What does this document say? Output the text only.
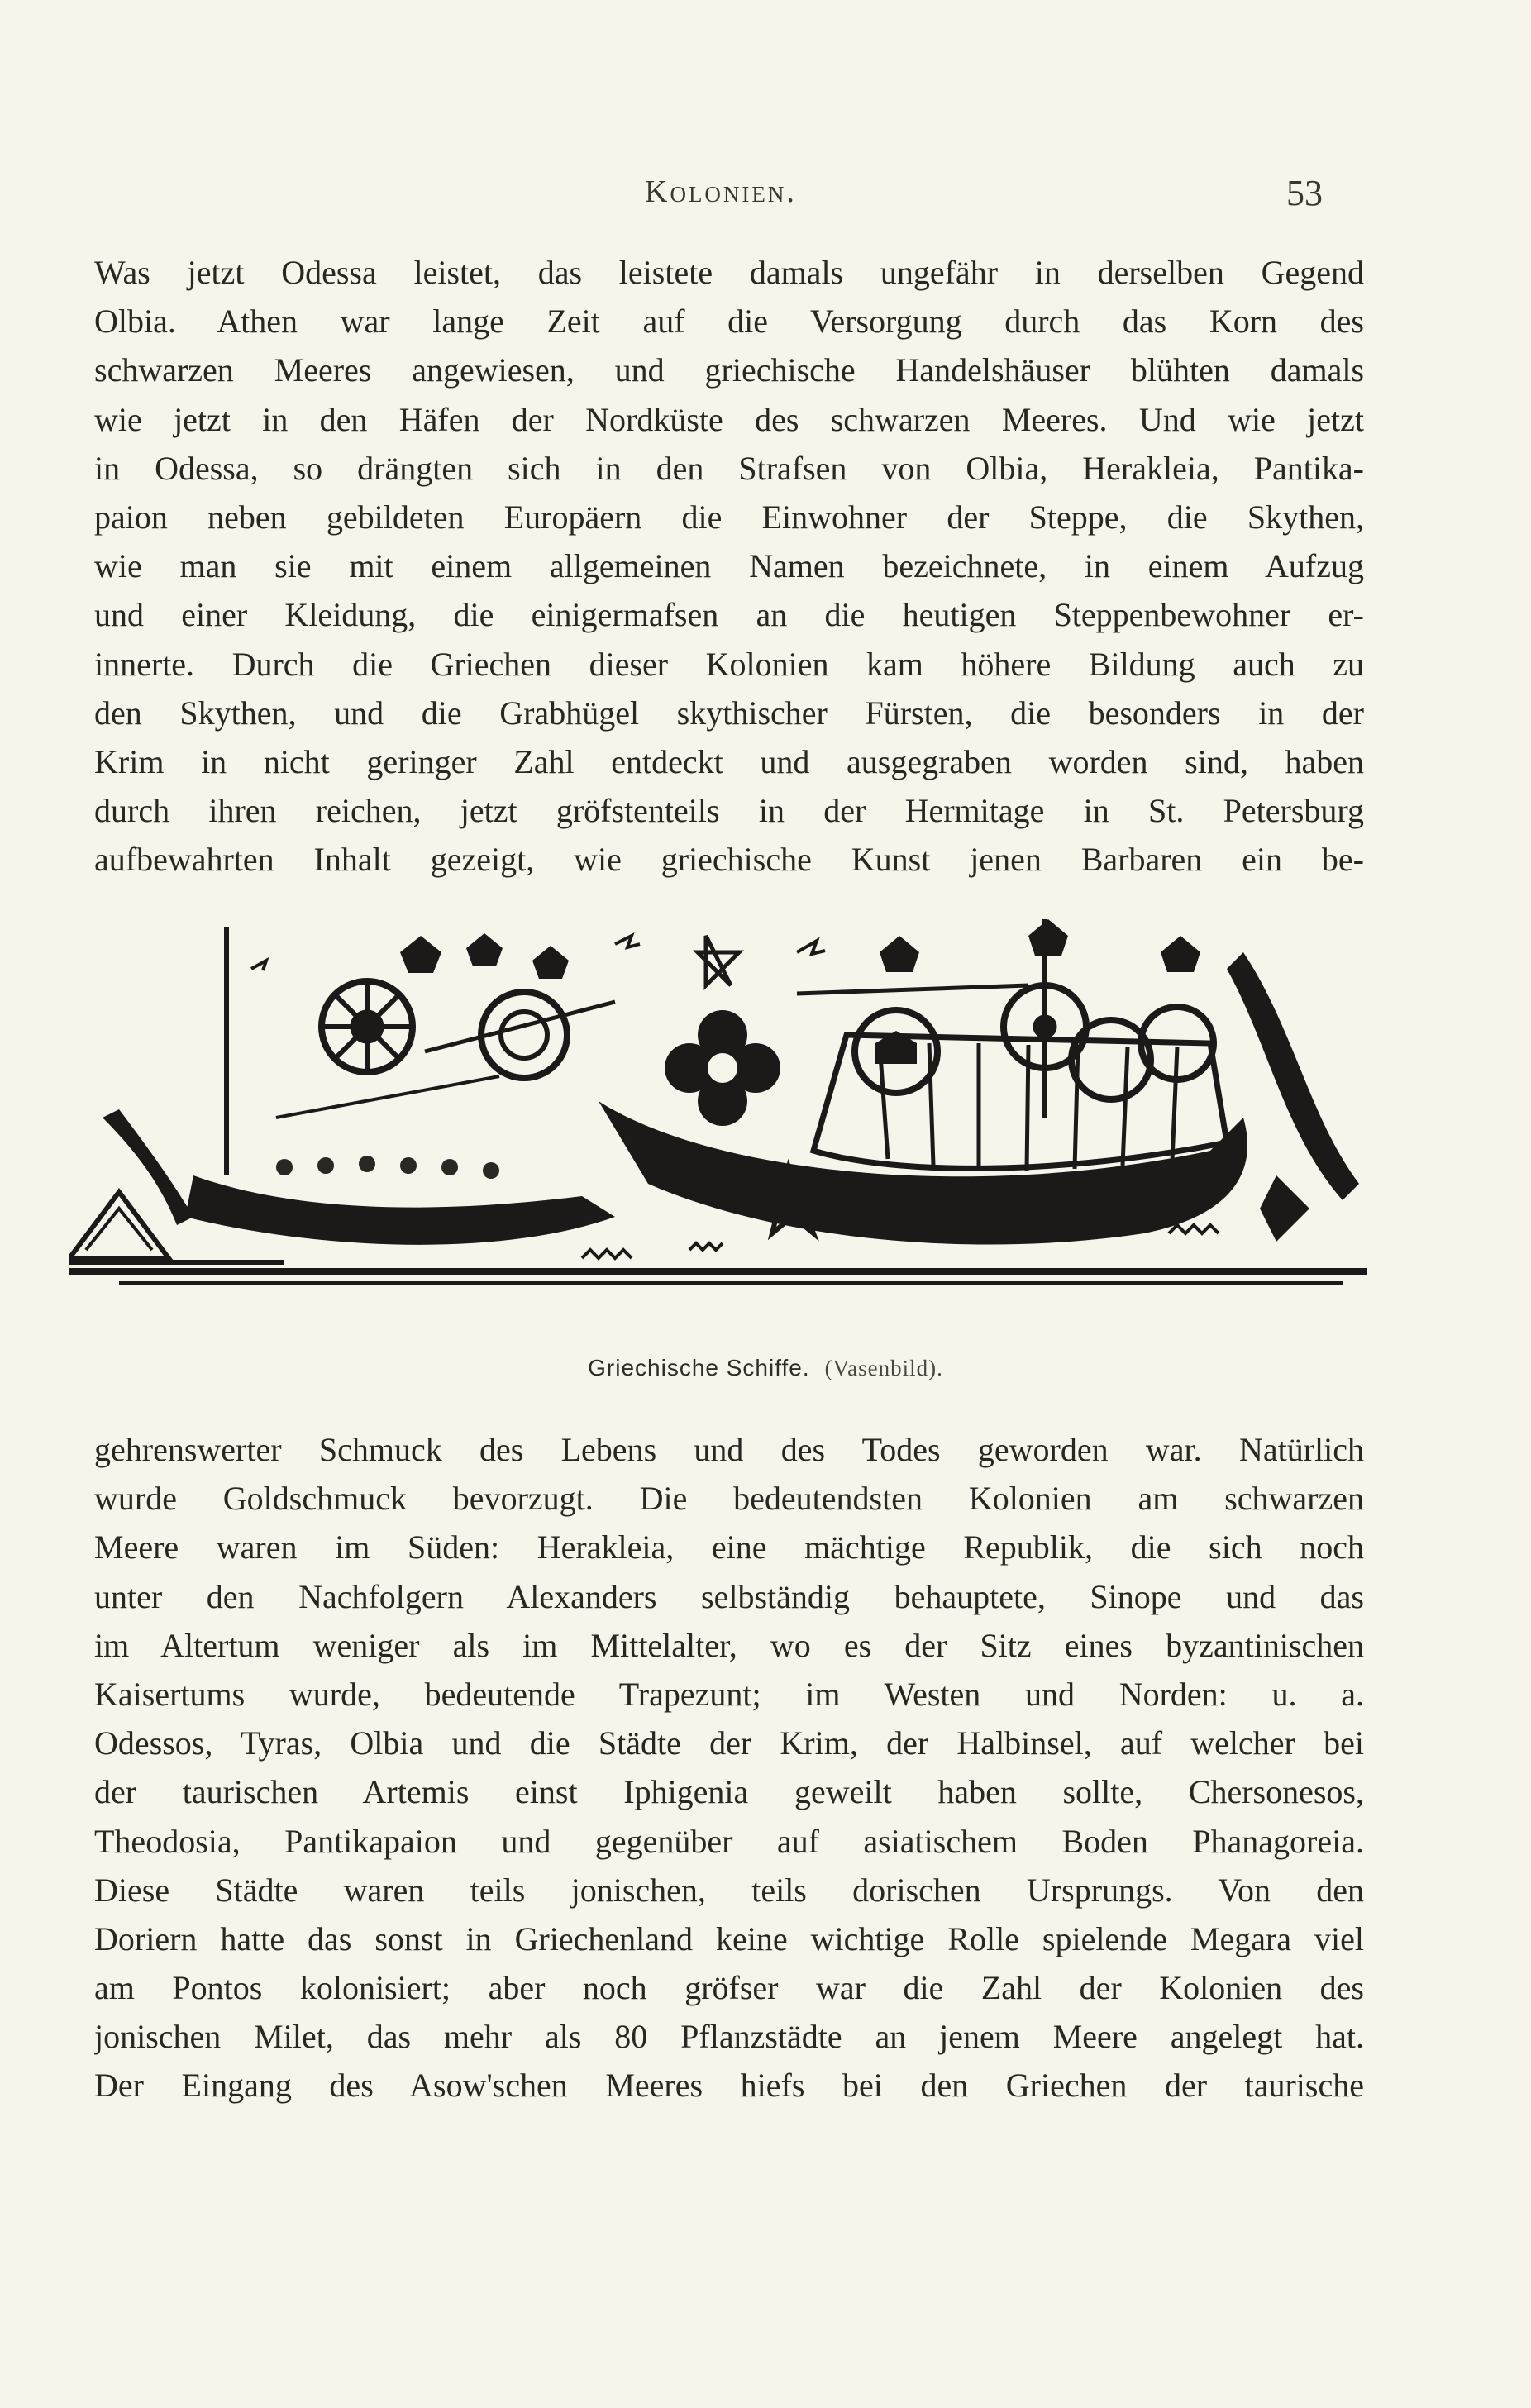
Kolonien.	53
Was jetzt Odessa leistet, das leistete damals ungefähr in derselben Gegend
Olbia. Athen war lange Zeit auf die Versorgung durch das Korn des
schwarzen Meeres angewiesen, und griechische Handelshäuser blühten damals
wie jetzt in den Häfen der Nordküste des schwarzen Meeres. Und wie jetzt
in Odessa, so drängten sich in den Strafsen von Olbia, Herakleia, Pantika-
paion neben gebildeten Europäern die Einwohner der Steppe, die Skythen,
wie man sie mit einem allgemeinen Namen bezeichnete, in einem Aufzug
und einer Kleidung, die einigermafsen an die heutigen Steppenbewohner er-
innerte. Durch die Griechen dieser Kolonien kam höhere Bildung auch zu
den Skythen, und die Grabhügel skythischer Fürsten, die besonders in der
Krim in nicht geringer Zahl entdeckt und ausgegraben worden sind, haben
durch ihren reichen, jetzt gröfstenteils in der Hermitage in St. Petersburg
aufbewahrten Inhalt gezeigt, wie griechische Kunst jenen Barbaren ein be-
Griechische Schiffe. (Vasenbild).
gehrenswerter Schmuck des Lebens und des Todes geworden war. Natürlich
wurde Goldschmuck bevorzugt. Die bedeutendsten Kolonien am schwarzen
Meere waren im Süden: Herakleia, eine mächtige Republik, die sich noch
unter den Nachfolgern Alexanders selbständig behauptete, Sinope und das
im Altertum weniger als im Mittelalter, wo es der Sitz eines byzantinischen
Kaisertums wurde, bedeutende Trapezunt; im Westen und Norden: u. a.
Odessos, Tyras, Olbia und die Städte der Krim, der Halbinsel, auf welcher bei
der taurischen Artemis einst Iphigenia geweilt haben sollte, Chersonesos,
Theodosia, Pantikapaion und gegenüber auf asiatischem Boden Phanagoreia.
Diese Städte waren teils jonischen, teils dorischen Ursprungs. Von den
Doriern hatte das sonst in Griechenland keine wichtige Rolle spielende Megara viel
am Pontos kolonisiert; aber noch gröfser war die Zahl der Kolonien des
jonischen Milet, das mehr als 80 Pflanzstädte an jenem Meere angelegt hat.
Der Eingang des Asow'schen Meeres hiefs bei den Griechen der taurische
